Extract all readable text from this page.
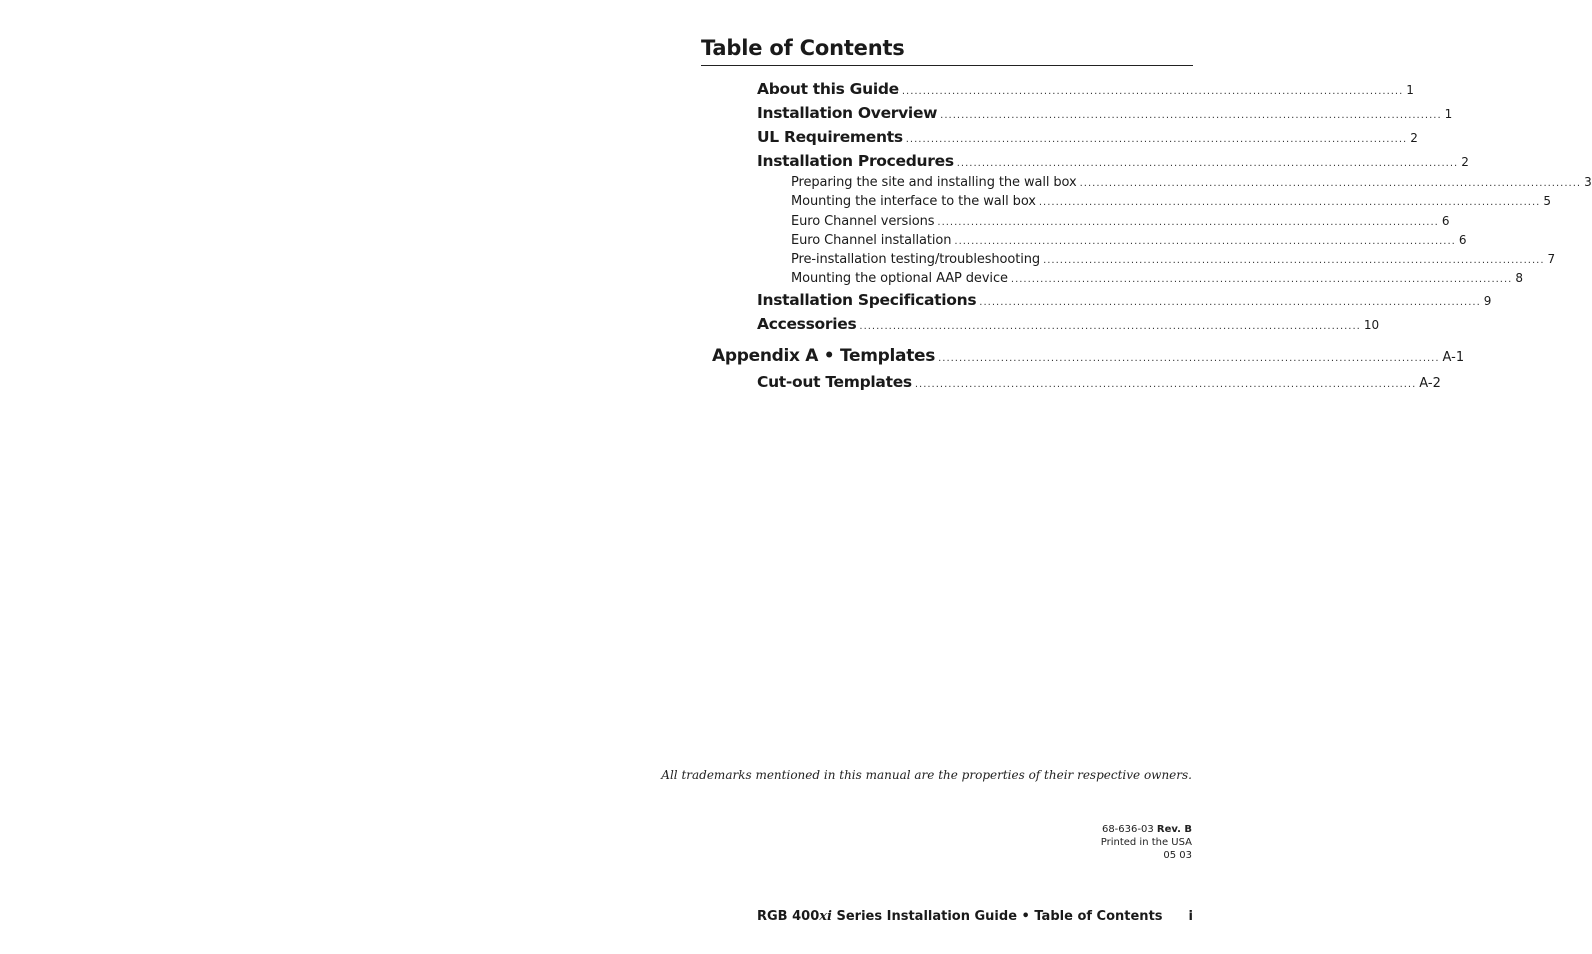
Table of Contents
About this Guide ........................................................................................................................ 1
Installation Overview ........................................................................................................................ 1
UL Requirements ........................................................................................................................ 2
Installation Procedures ........................................................................................................................ 2
Preparing the site and installing the wall box ........................................................................................................................ 3
Mounting the interface to the wall box ........................................................................................................................ 5
Euro Channel versions ........................................................................................................................ 6
Euro Channel installation ........................................................................................................................ 6
Pre-installation testing/troubleshooting ........................................................................................................................ 7
Mounting the optional AAP device ........................................................................................................................ 8
Installation Specifications ........................................................................................................................ 9
Accessories ........................................................................................................................ 10
Appendix A • Templates ........................................................................................................................ A-1
Cut-out Templates ........................................................................................................................ A-2
All trademarks mentioned in this manual are the properties of their respective owners.
68-636-03 Rev. B
Printed in the USA
05 03
RGB 400xi Series Installation Guide • Table of Contents i
